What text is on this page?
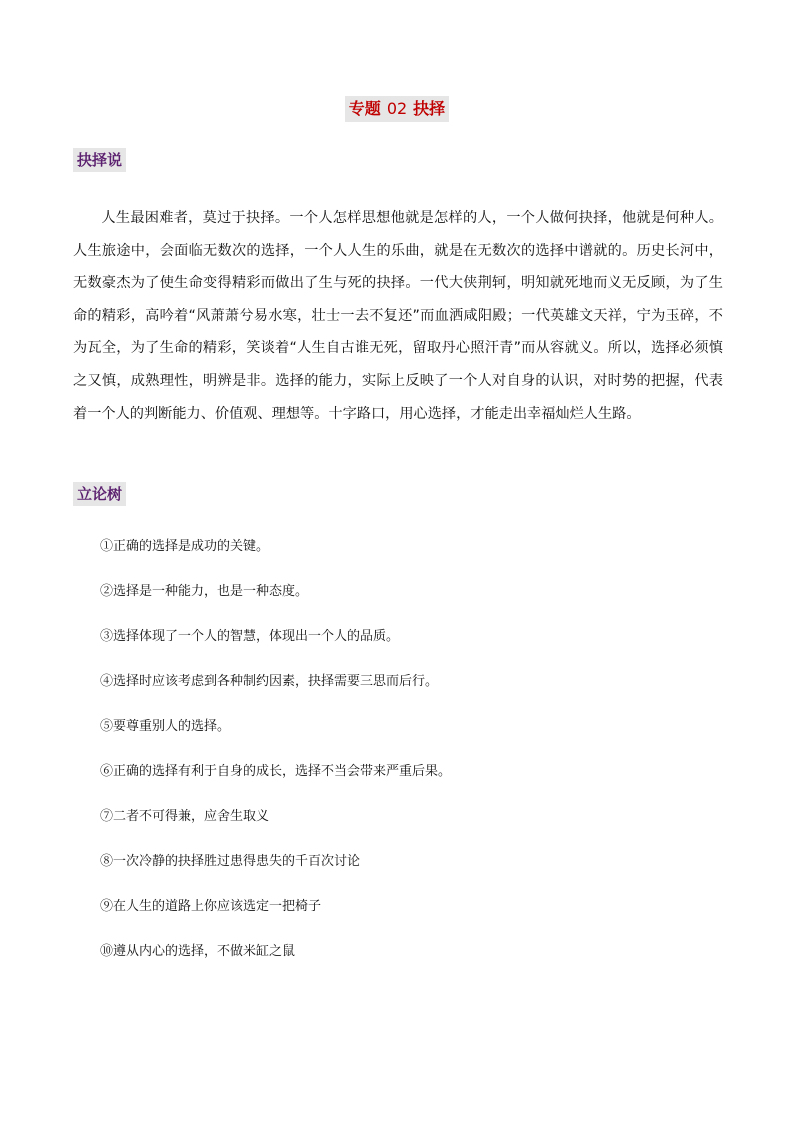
专题 02 抉择
抉择说

人生最困难者，莫过于抉择。一个人怎样思想他就是怎样的人，一个人做何抉择，他就是何种人。人生旅途中，会面临无数次的选择，一个人人生的乐曲，就是在无数次的选择中谱就的。历史长河中，无数豪杰为了使生命变得精彩而做出了生与死的抉择。一代大侠荆轲，明知就死地而义无反顾，为了生命的精彩，高吟着“风萧萧兮易水寒，壮士一去不复还”而血洒咸阳殿；一代英雄文天祥，宁为玉碎，不为瓦全，为了生命的精彩，笑谈着“人生自古谁无死，留取丹心照汗青”而从容就义。所以，选择必须慎之又慎，成熟理性，明辨是非。选择的能力，实际上反映了一个人对自身的认识，对时势的把握，代表着一个人的判断能力、价值观、理想等。十字路口，用心选择，才能走出幸福灿烂人生路。

立论树
①正确的选择是成功的关键。
②选择是一种能力，也是一种态度。
③选择体现了一个人的智慧，体现出一个人的品质。
④选择时应该考虑到各种制约因素，抉择需要三思而后行。
⑤要尊重别人的选择。
⑥正确的选择有利于自身的成长，选择不当会带来严重后果。
⑦二者不可得兼，应舍生取义
⑧一次冷静的抉择胜过患得患失的千百次讨论
⑨在人生的道路上你应该选定一把椅子
⑩遵从内心的选择，不做米缸之鼠
